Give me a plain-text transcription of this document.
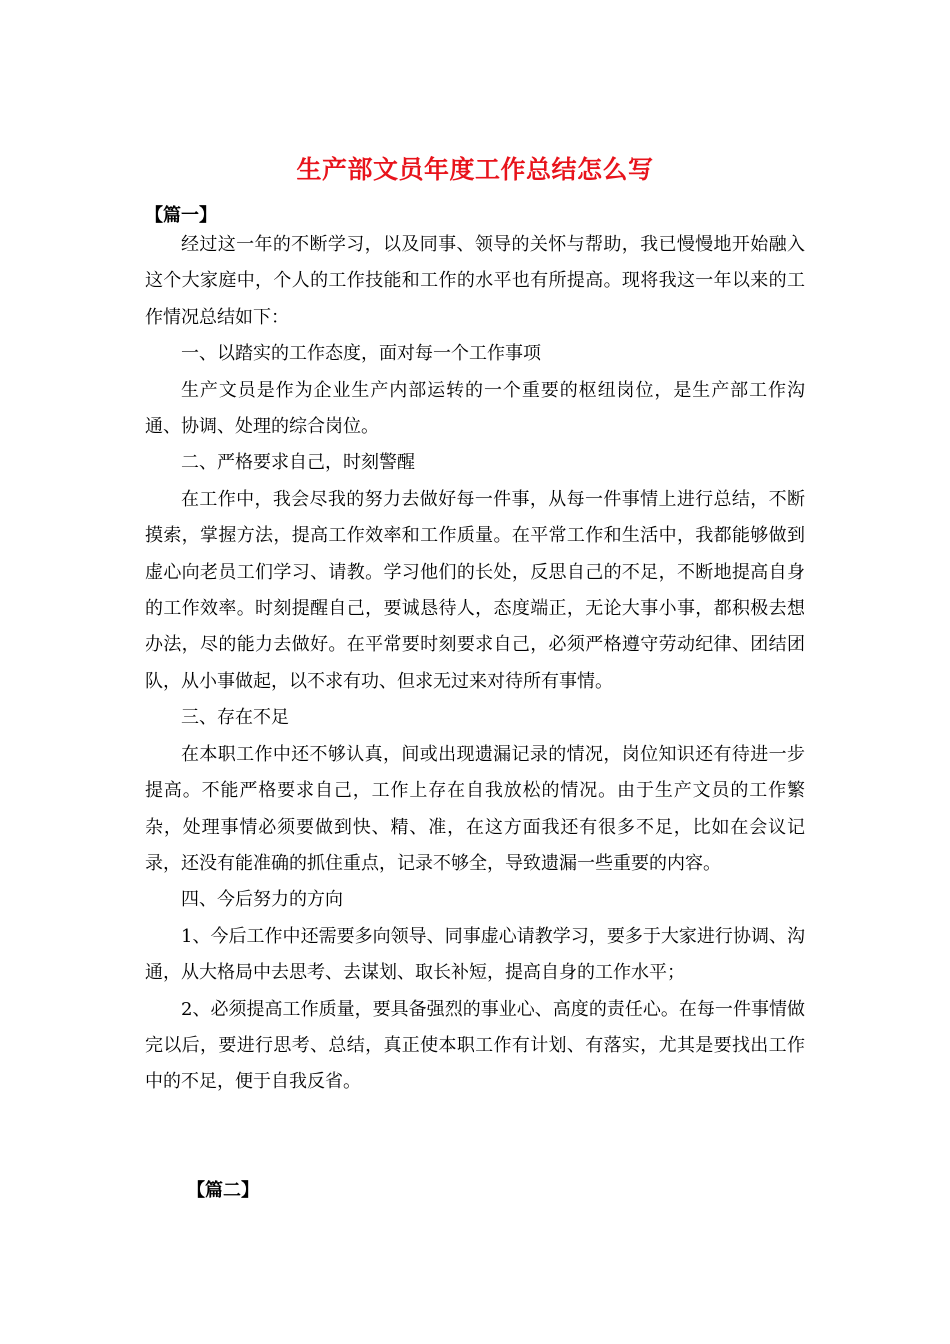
生产部文员年度工作总结怎么写
【篇一】

经过这一年的不断学习，以及同事、领导的关怀与帮助，我已慢慢地开始融入这个大家庭中，个人的工作技能和工作的水平也有所提高。现将我这一年以来的工作情况总结如下：

一、以踏实的工作态度，面对每一个工作事项

生产文员是作为企业生产内部运转的一个重要的枢纽岗位，是生产部工作沟通、协调、处理的综合岗位。

二、严格要求自己，时刻警醒

在工作中，我会尽我的努力去做好每一件事，从每一件事情上进行总结，不断摸索，掌握方法，提高工作效率和工作质量。在平常工作和生活中，我都能够做到虚心向老员工们学习、请教。学习他们的长处，反思自己的不足，不断地提高自身的工作效率。时刻提醒自己，要诚恳待人，态度端正，无论大事小事，都积极去想办法，尽的能力去做好。在平常要时刻要求自己，必须严格遵守劳动纪律、团结团队，从小事做起，以不求有功、但求无过来对待所有事情。

三、存在不足

在本职工作中还不够认真，间或出现遗漏记录的情况，岗位知识还有待进一步提高。不能严格要求自己，工作上存在自我放松的情况。由于生产文员的工作繁杂，处理事情必须要做到快、精、准，在这方面我还有很多不足，比如在会议记录，还没有能准确的抓住重点，记录不够全，导致遗漏一些重要的内容。

四、今后努力的方向

1、今后工作中还需要多向领导、同事虚心请教学习，要多于大家进行协调、沟通，从大格局中去思考、去谋划、取长补短，提高自身的工作水平；

2、必须提高工作质量，要具备强烈的事业心、高度的责任心。在每一件事情做完以后，要进行思考、总结，真正使本职工作有计划、有落实，尤其是要找出工作中的不足，便于自我反省。

【篇二】
